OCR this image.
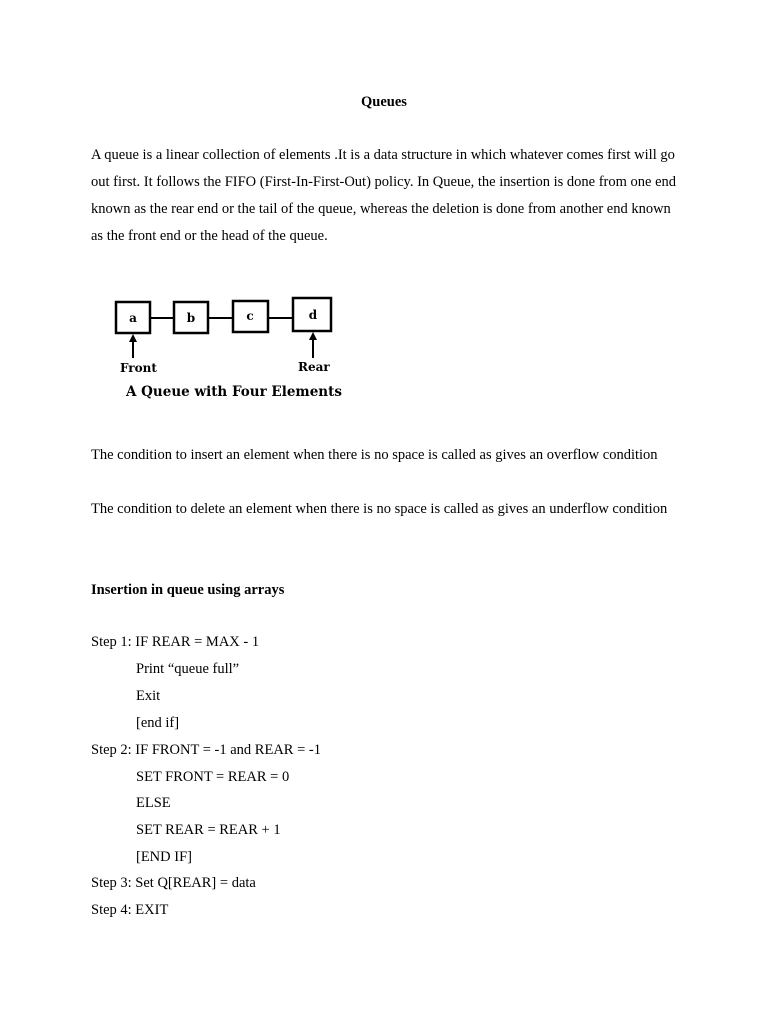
Queues

A queue is a linear collection of elements .It is a data structure in which whatever comes first will go out first. It follows the FIFO (First-In-First-Out) policy. In Queue, the insertion is done from one end known as the rear end or the tail of the queue, whereas the deletion is done from another end known as the front end or the head of the queue.

a	b	c	d
Front	Rear
A Queue with Four Elements

The condition to insert an element when there is no space is called as gives an overflow condition

The condition to delete an element when there is no space is called as gives an underflow condition

Insertion in queue using arrays
Step 1: IF REAR = MAX - 1
Print “queue full”
Exit
[end if]
Step 2: IF FRONT = -1 and REAR = -1
SET FRONT = REAR = 0
ELSE
SET REAR = REAR + 1
[END IF]
Step 3: Set Q[REAR] = data
Step 4: EXIT
